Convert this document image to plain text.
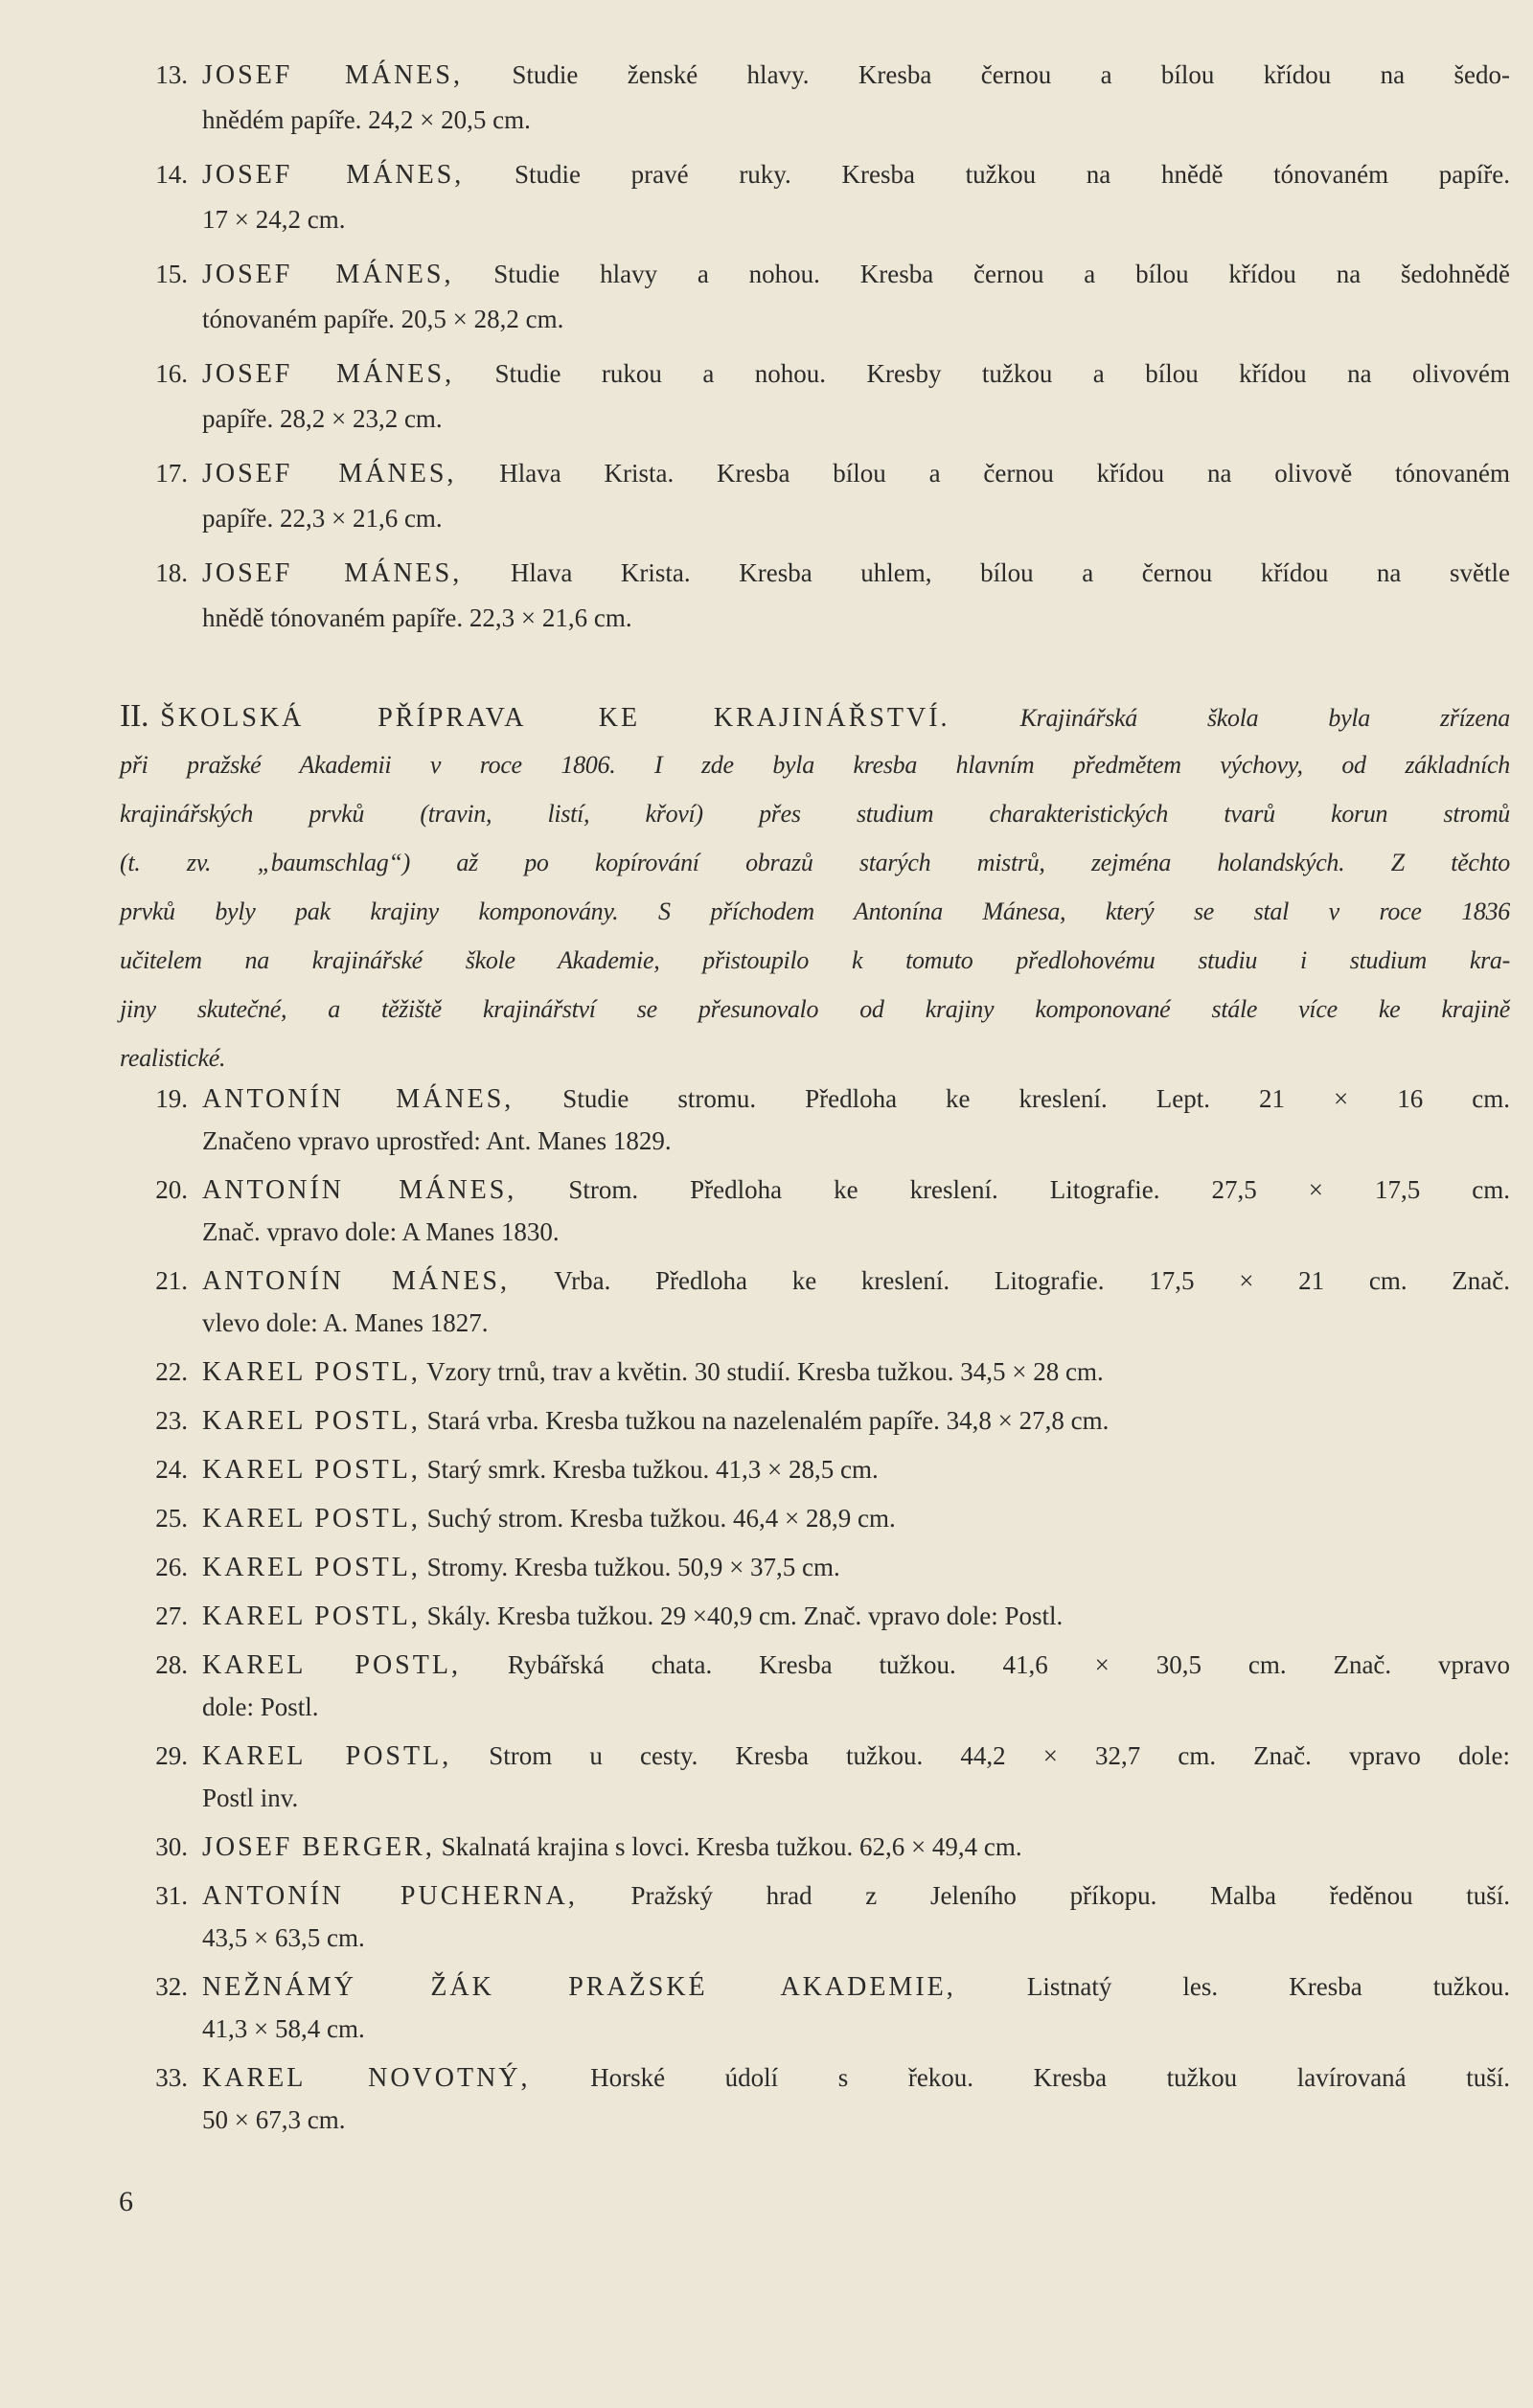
13. JOSEF MÁNES, Studie ženské hlavy. Kresba černou a bílou křídou na šedo-
hnědém papíře. 24,2 × 20,5 cm.
14. JOSEF MÁNES, Studie pravé ruky. Kresba tužkou na hnědě tónovaném papíře.
17 × 24,2 cm.
15. JOSEF MÁNES, Studie hlavy a nohou. Kresba černou a bílou křídou na šedohnědě
tónovaném papíře. 20,5 × 28,2 cm.
16. JOSEF MÁNES, Studie rukou a nohou. Kresby tužkou a bílou křídou na olivovém
papíře. 28,2 × 23,2 cm.
17. JOSEF MÁNES, Hlava Krista. Kresba bílou a černou křídou na olivově tónovaném
papíře. 22,3 × 21,6 cm.
18. JOSEF MÁNES, Hlava Krista. Kresba uhlem, bílou a černou křídou na světle
hnědě tónovaném papíře. 22,3 × 21,6 cm.
II. ŠKOLSKÁ PŘÍPRAVA KE KRAJINÁŘSTVÍ. Krajinářská škola byla zřízena
při pražské Akademii v roce 1806. I zde byla kresba hlavním předmětem výchovy, od základních
krajinářských prvků (travin, listí, křoví) přes studium charakteristických tvarů korun stromů
(t. zv. „baumschlag“) až po kopírování obrazů starých mistrů, zejména holandských. Z těchto
prvků byly pak krajiny komponovány. S příchodem Antonína Mánesa, který se stal v roce 1836
učitelem na krajinářské škole Akademie, přistoupilo k tomuto předlohovému studiu i studium kra-
jiny skutečné, a těžiště krajinářství se přesunovalo od krajiny komponované stále více ke krajině
realistické.
19. ANTONÍN MÁNES, Studie stromu. Předloha ke kreslení. Lept. 21 × 16 cm.
Značeno vpravo uprostřed: Ant. Manes 1829.
20. ANTONÍN MÁNES, Strom. Předloha ke kreslení. Litografie. 27,5 × 17,5 cm.
Znač. vpravo dole: A Manes 1830.
21. ANTONÍN MÁNES, Vrba. Předloha ke kreslení. Litografie. 17,5 × 21 cm. Znač.
vlevo dole: A. Manes 1827.
22. KAREL POSTL, Vzory trnů, trav a květin. 30 studií. Kresba tužkou. 34,5 × 28 cm.
23. KAREL POSTL, Stará vrba. Kresba tužkou na nazelenalém papíře. 34,8 × 27,8 cm.
24. KAREL POSTL, Starý smrk. Kresba tužkou. 41,3 × 28,5 cm.
25. KAREL POSTL, Suchý strom. Kresba tužkou. 46,4 × 28,9 cm.
26. KAREL POSTL, Stromy. Kresba tužkou. 50,9 × 37,5 cm.
27. KAREL POSTL, Skály. Kresba tužkou. 29 ×40,9 cm. Znač. vpravo dole: Postl.
28. KAREL POSTL, Rybářská chata. Kresba tužkou. 41,6 × 30,5 cm. Znač. vpravo
dole: Postl.
29. KAREL POSTL, Strom u cesty. Kresba tužkou. 44,2 × 32,7 cm. Znač. vpravo dole:
Postl inv.
30. JOSEF BERGER, Skalnatá krajina s lovci. Kresba tužkou. 62,6 × 49,4 cm.
31. ANTONÍN PUCHERNA, Pražský hrad z Jeleního příkopu. Malba ředěnou tuší.
43,5 × 63,5 cm.
32. NEŽNÁMÝ ŽÁK PRAŽSKÉ AKADEMIE, Listnatý les. Kresba tužkou.
41,3 × 58,4 cm.
33. KAREL NOVOTNÝ, Horské údolí s řekou. Kresba tužkou lavírovaná tuší.
50 × 67,3 cm.
6
